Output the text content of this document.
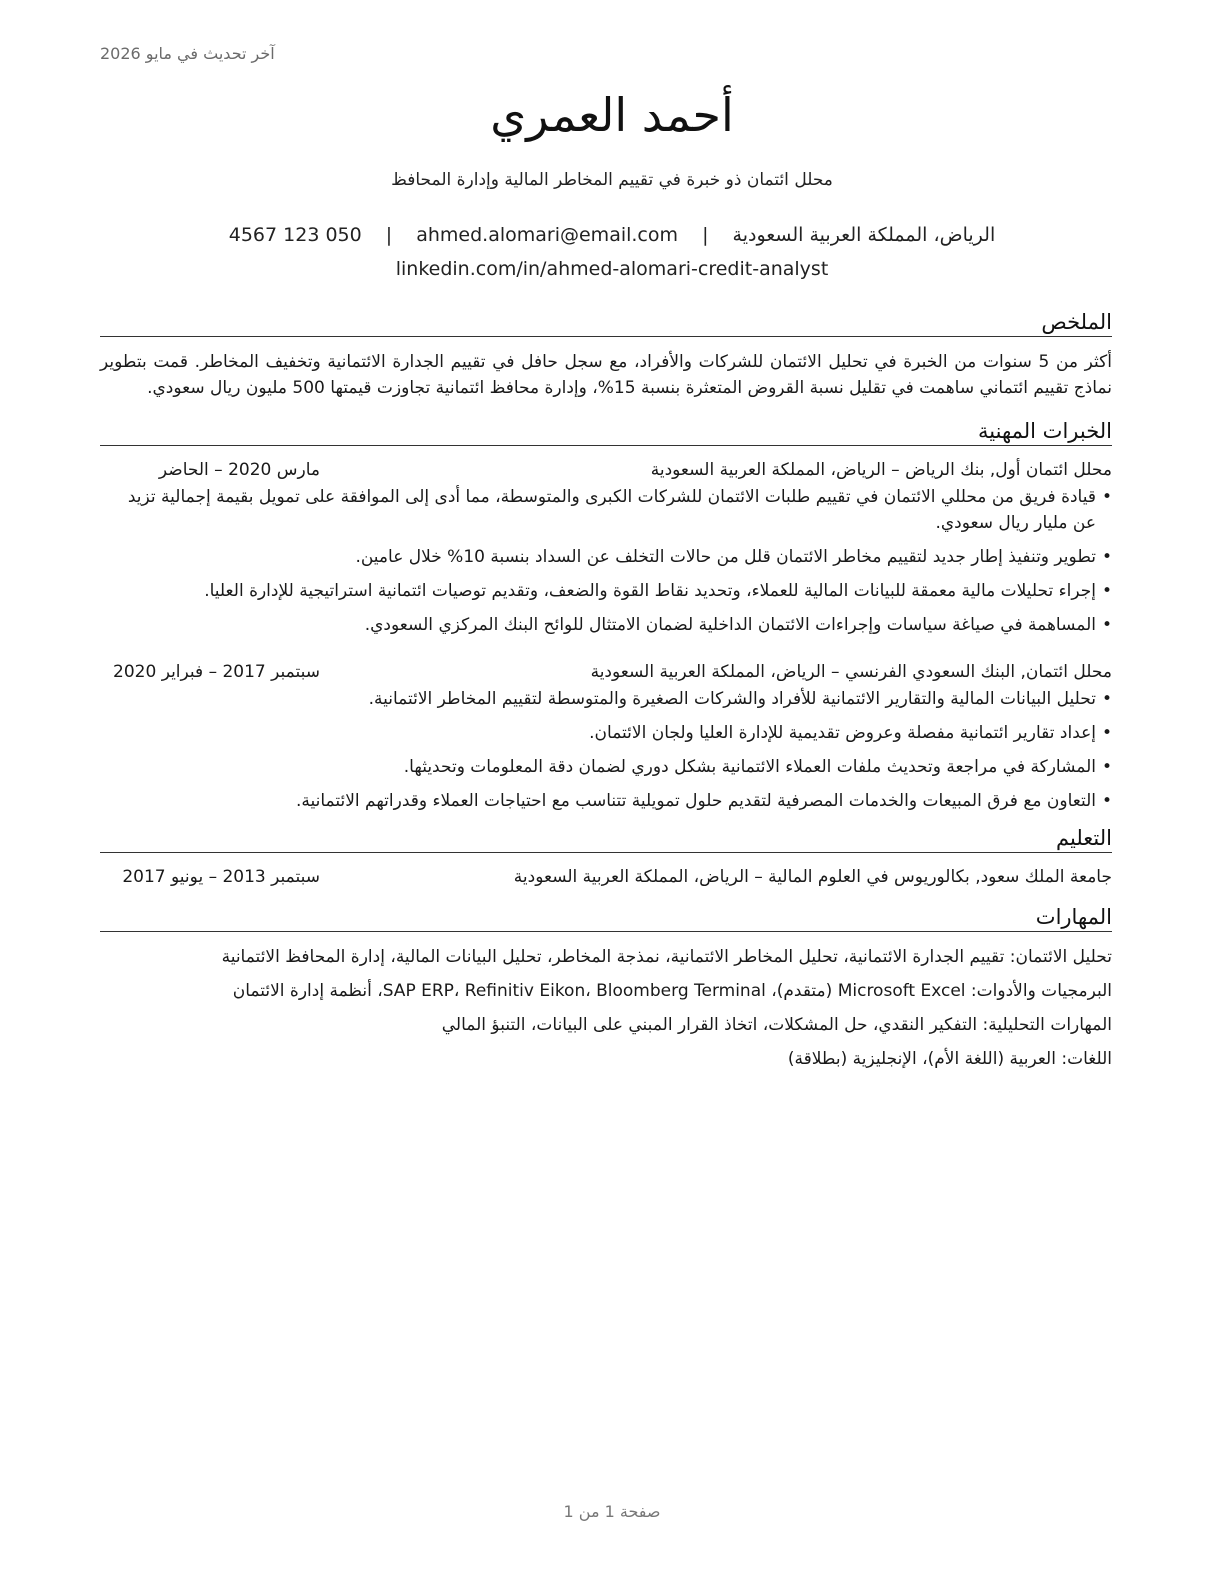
آخر تحديث في مايو 2026
أحمد العمري
محلل ائتمان ذو خبرة في تقييم المخاطر المالية وإدارة المحافظ
الرياض، المملكة العربية السعودية | ahmed.alomari@email.com | 4567 123 050
linkedin.com/in/ahmed-alomari-credit-analyst
الملخص

أكثر من 5 سنوات من الخبرة في تحليل الائتمان للشركات والأفراد، مع سجل حافل في تقييم الجدارة الائتمانية وتخفيف المخاطر. قمت بتطوير نماذج تقييم ائتماني ساهمت في تقليل نسبة القروض المتعثرة بنسبة 15%، وإدارة محافظ ائتمانية تجاوزت قيمتها 500 مليون ريال سعودي.

الخبرات المهنية
محلل ائتمان أول, بنك الرياض – الرياض، المملكة العربية السعودية
مارس 2020 – الحاضر
• قيادة فريق من محللي الائتمان في تقييم طلبات الائتمان للشركات الكبرى والمتوسطة، مما أدى إلى الموافقة على تمويل بقيمة إجمالية تزيد عن مليار ريال سعودي.
• تطوير وتنفيذ إطار جديد لتقييم مخاطر الائتمان قلل من حالات التخلف عن السداد بنسبة 10% خلال عامين.
• إجراء تحليلات مالية معمقة للبيانات المالية للعملاء، وتحديد نقاط القوة والضعف، وتقديم توصيات ائتمانية استراتيجية للإدارة العليا.
• المساهمة في صياغة سياسات وإجراءات الائتمان الداخلية لضمان الامتثال للوائح البنك المركزي السعودي.
محلل ائتمان, البنك السعودي الفرنسي – الرياض، المملكة العربية السعودية
سبتمبر 2017 – فبراير 2020
• تحليل البيانات المالية والتقارير الائتمانية للأفراد والشركات الصغيرة والمتوسطة لتقييم المخاطر الائتمانية.
• إعداد تقارير ائتمانية مفصلة وعروض تقديمية للإدارة العليا ولجان الائتمان.
• المشاركة في مراجعة وتحديث ملفات العملاء الائتمانية بشكل دوري لضمان دقة المعلومات وتحديثها.
• التعاون مع فرق المبيعات والخدمات المصرفية لتقديم حلول تمويلية تتناسب مع احتياجات العملاء وقدراتهم الائتمانية.
التعليم
جامعة الملك سعود, بكالوريوس في العلوم المالية – الرياض، المملكة العربية السعودية
سبتمبر 2013 – يونيو 2017
المهارات
تحليل الائتمان: تقييم الجدارة الائتمانية، تحليل المخاطر الائتمانية، نمذجة المخاطر، تحليل البيانات المالية، إدارة المحافظ الائتمانية
البرمجيات والأدوات: Microsoft Excel (متقدم)، SAP ERP، Refinitiv Eikon، Bloomberg Terminal، أنظمة إدارة الائتمان
المهارات التحليلية: التفكير النقدي، حل المشكلات، اتخاذ القرار المبني على البيانات، التنبؤ المالي
اللغات: العربية (اللغة الأم)، الإنجليزية (بطلاقة)
صفحة 1 من 1
